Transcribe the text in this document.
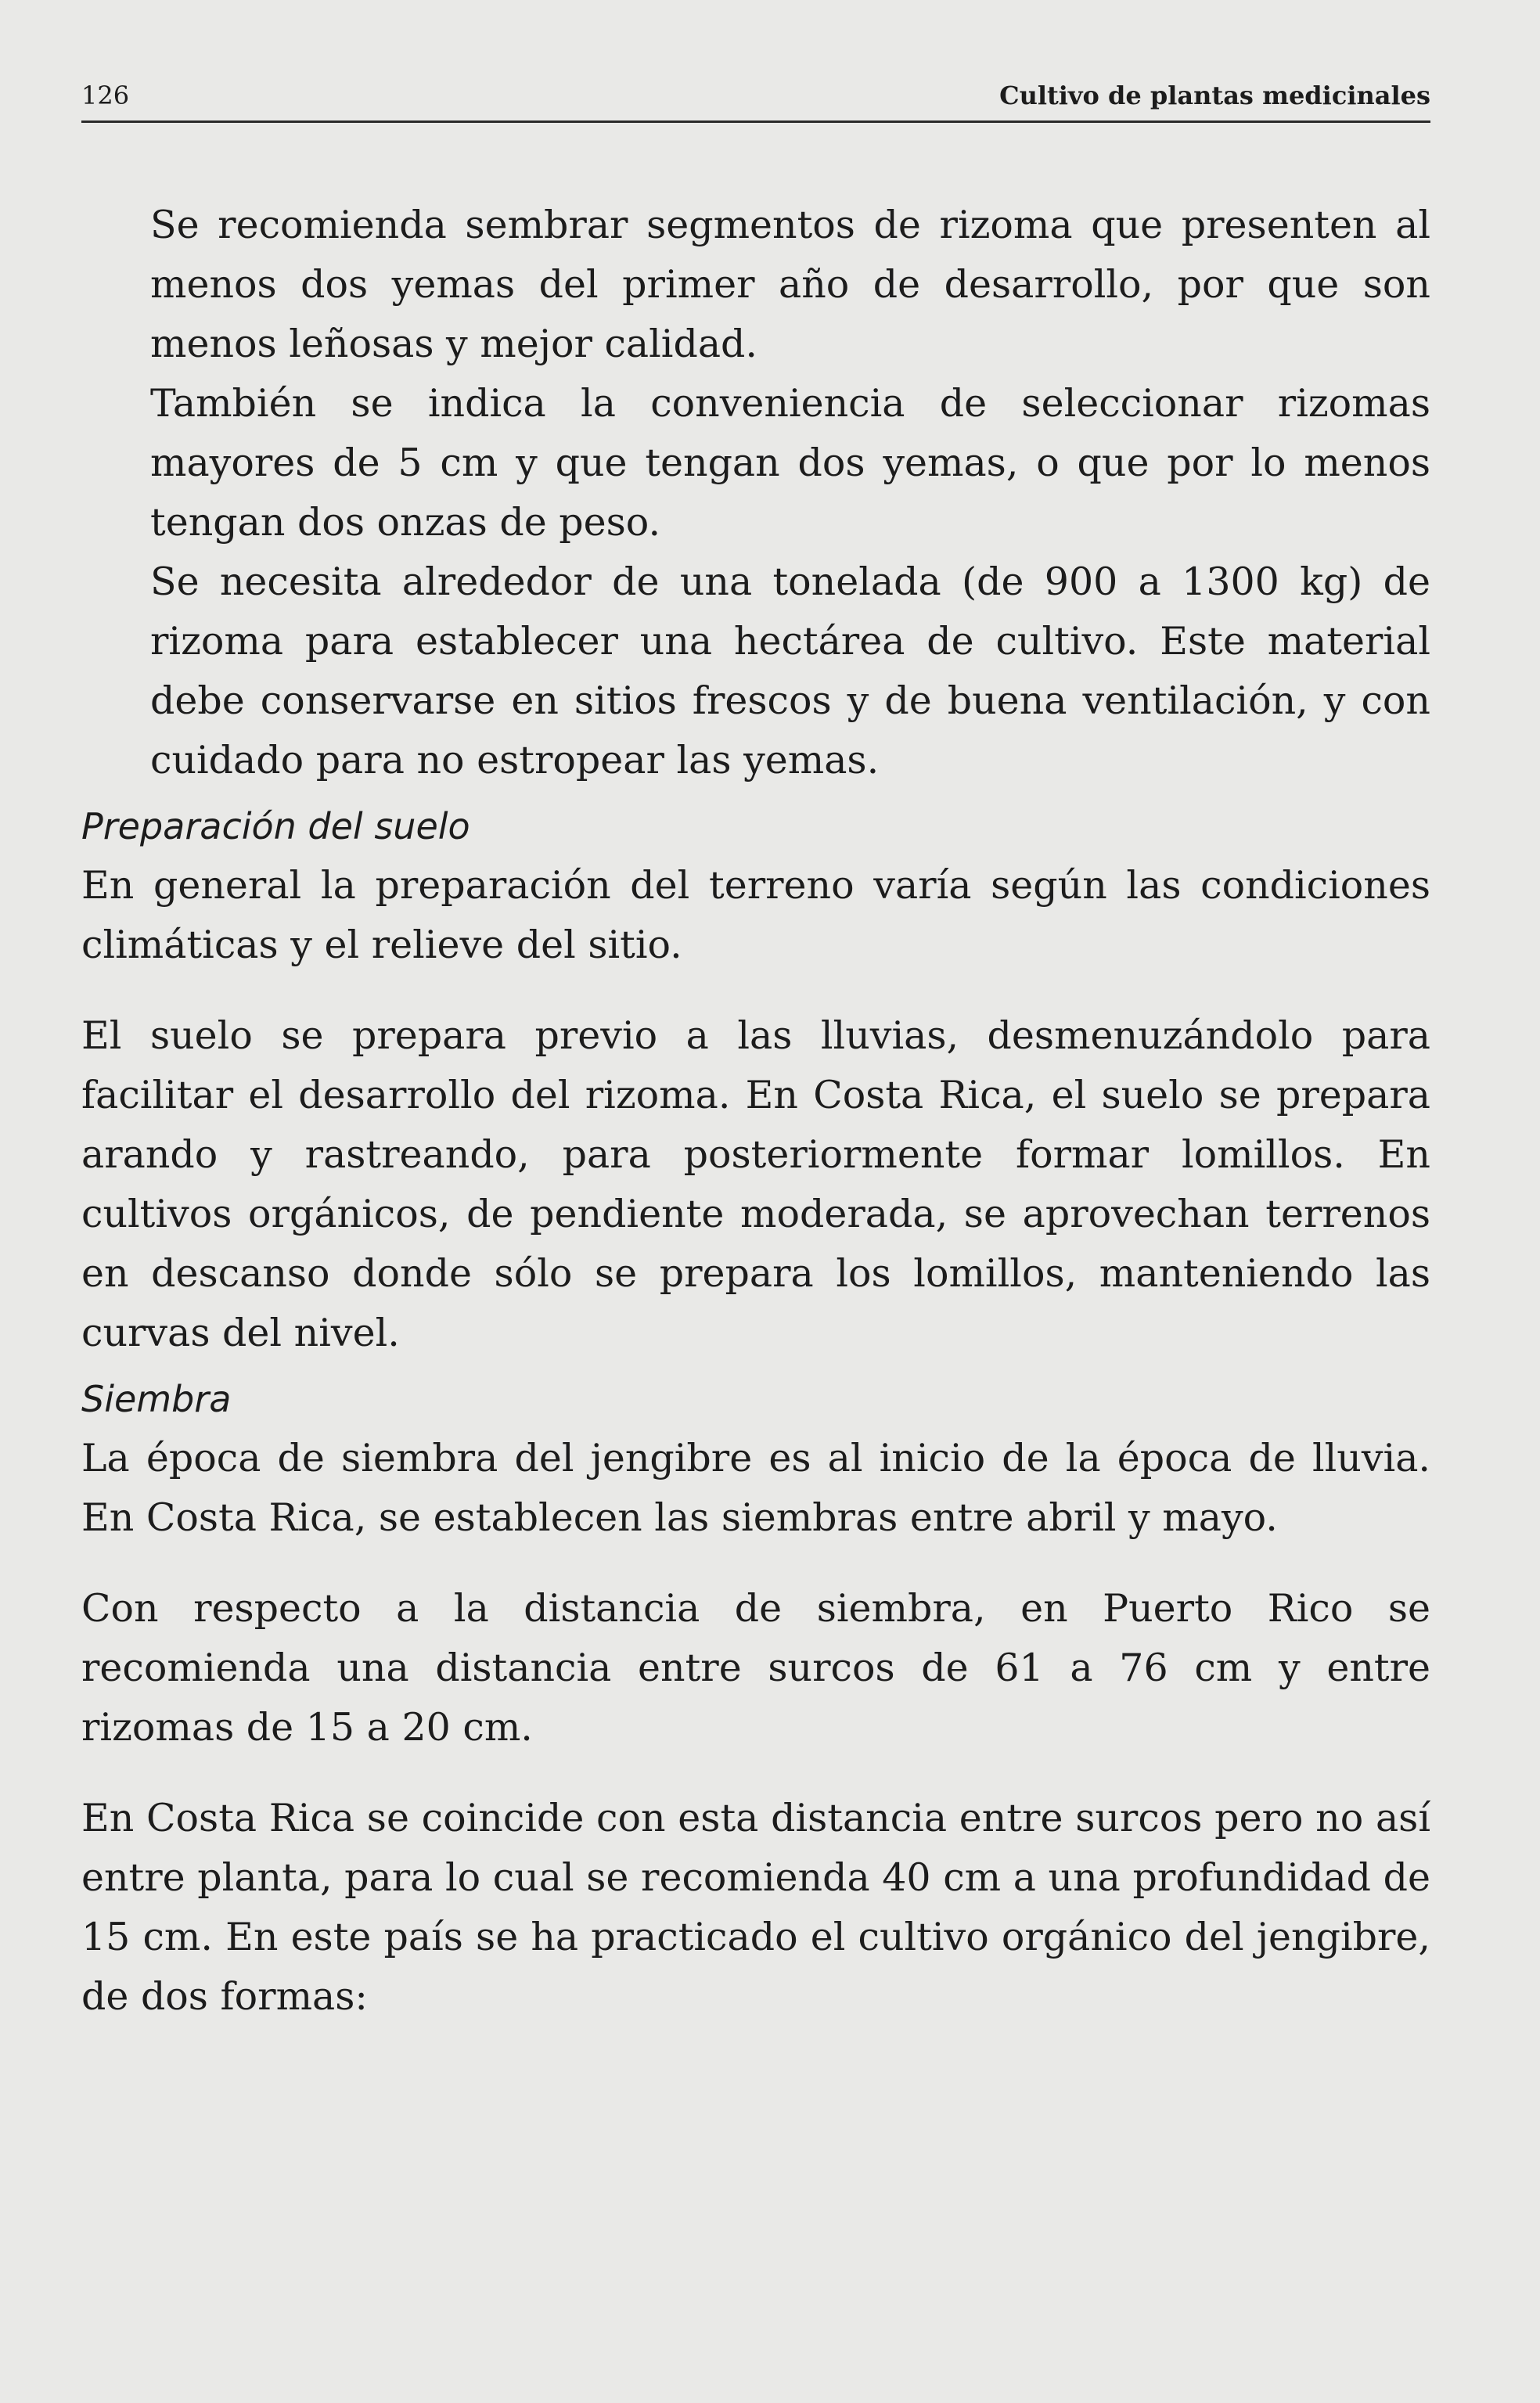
126	Cultivo de plantas medicinales

Se recomienda sembrar segmentos de rizoma que presenten al menos dos yemas del primer año de desarrollo, por que son menos leñosas y mejor calidad.

También se indica la conveniencia de seleccionar rizomas mayores de 5 cm y que tengan dos yemas, o que por lo menos tengan dos onzas de peso.

Se necesita alrededor de una tonelada (de 900 a 1300 kg) de rizoma para establecer una hectárea de cultivo. Este material debe conservarse en sitios frescos y de buena ventilación, y con cuidado para no estropear las yemas.

Preparación del suelo

En general la preparación del terreno varía según las condiciones climáticas y el relieve del sitio.

El suelo se prepara previo a las lluvias, desmenuzándolo para facilitar el desarrollo del rizoma. En Costa Rica, el suelo se prepara arando y rastreando, para posteriormente formar lomillos. En cultivos orgánicos, de pendiente moderada, se aprovechan terrenos en descanso donde sólo se prepara los lomillos, manteniendo las curvas del nivel.

Siembra

La época de siembra del jengibre es al inicio de la época de lluvia. En Costa Rica, se establecen las siembras entre abril y mayo.

Con respecto a la distancia de siembra, en Puerto Rico se recomienda una distancia entre surcos de 61 a 76 cm y entre rizomas de 15 a 20 cm.

En Costa Rica se coincide con esta distancia entre surcos pero no así entre planta, para lo cual se recomienda 40 cm a una profundidad de 15 cm. En este país se ha practicado el cultivo orgánico del jengibre, de dos formas:
